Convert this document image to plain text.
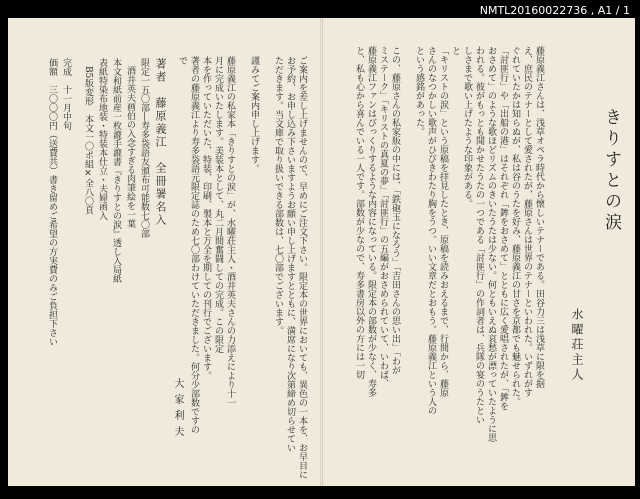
NMTL20160022736 , A1 / 1
ご案内を差し上げませんので、早めにご注文下さい。限定本の世界においても、異色の一本を、お早目に
お予約、お申し込み下さいますようお願い申し上げますとともに、満席になり次第締め切らせてい
ただきます。当文庫で取り扱いできる部数は、七〇部でございます。
謹みてご案内申し上げます。
藤原義江の私家本「きりすとの涙」が、水曜荘主人・酒井英夫さんの力添えにより十一
月に完成いたします。美装本として、丸二月間奮闘しての完成。この限定
本を作っていただいた、特装、印刷、製本と万全を期しての刊行でございます。
著者の藤原義江より寿多袋語元限定誌のため七〇部わけていただきました。何分少部数ですの
で
大家利夫
著者　藤原義江　全冊署名入
限定一五〇部―寿多袋語友頒布可能数七〇部
酒井英夫画伯の入念すぎる肉筆絵を一葉
本文和紙前産一枚漉手漉書『きりすとの涙』透し入局紙
表紙特染布地装・特装本仕立・夫婦函入
B5版変形　本文一〇ポ組×全八〇頁
完成　十一月中旬
価額　三〇〇〇円（送費共）書き留めご希望の方実費のみご負担下さい	きりすとの涙
水曜荘主人
藤原義江さんは、浅草オペラ時代から懐しいテナーである。田谷力三は浅草に限を据
え、庶民のテナーとして愛されたが、藤原さんは世界のテナーといわれた。いずれがす
ぐれていたかは知らぬが、私は谷のうたを好み、藤原義江の甘さを京都でも魅せられた。
「討匪行」や「出船の港」はそれぞれ「鉾をおさめて」とともに広く愛唱されたが、「鉾を
おさめて」のような歌ほどリズムのきいたうたは少ない。何ともいえぬ哀愁が漂っていたように思
われる。彼がもっとも聞かせたうたの一つである「討匪行」の作詞者は、兵隊の宴のうたとい
しさまで歌い上げたような印象がある。
と
「キリストの涙」という原稿を拝見したとき、原稿を読みおえるまで、行間から、藤原
さんのなつかしい歌声がひびきわたり胸をうつ。いい文章だとおもう。藤原義江という人の
という感銘があった。
この、藤原さんの私家版の中には、「鉄砲玉になろう」「吉田さんの思い出」「わが
ミステーク」「キリストの真夏の夢」「討匪行」の五編がおさめられていて、いわば、
藤原義江ファンはびっくりするような内容になっている。限定本の部数が少なく、寿多
と、私も心から喜んでいる一人です。部数が少なので、寿多書房以外の方には一切
